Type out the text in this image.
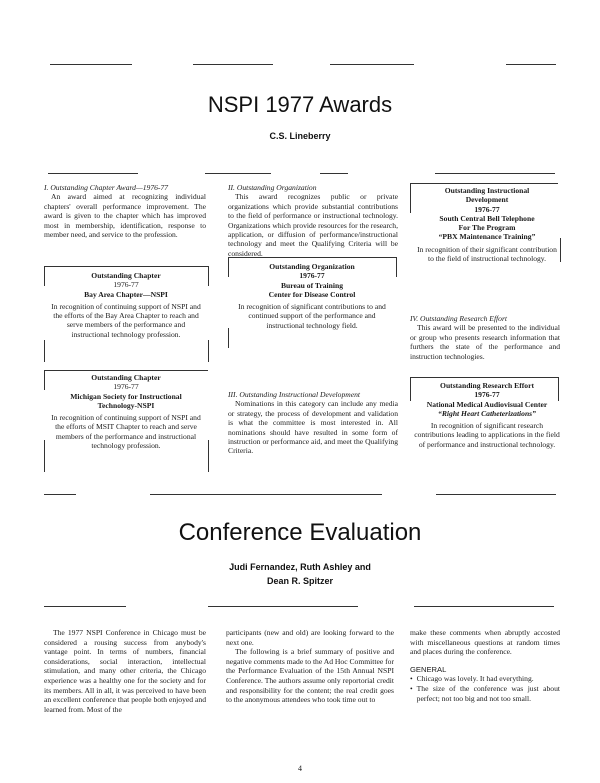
NSPI 1977 Awards
C.S. Lineberry
I. Outstanding Chapter Award—1976-77

An award aimed at recognizing individual chapters' overall performance improvement. The award is given to the chapter which has improved most in membership, identification, response to member need, and service to the profession.

Outstanding Chapter
1976-77
Bay Area Chapter—NSPI
In recognition of continuing support of NSPI and the efforts of the Bay Area Chapter to reach and serve members of the performance and instructional technology profession.
Outstanding Chapter
1976-77
Michigan Society for Instructional Technology-NSPI
In recognition of continuing support of NSPI and the efforts of MSIT Chapter to reach and serve members of the performance and instructional technology profession.
II. Outstanding Organization

This award recognizes public or private organizations which provide substantial contributions to the field of performance or instructional technology. Organizations which provide resources for the research, application, or diffusion of performance/instructional technology and meet the Qualifying Criteria will be considered.

Outstanding Organization
1976-77
Bureau of Training
Center for Disease Control
In recognition of significant contributions to and continued support of the performance and instructional technology field.
III. Outstanding Instructional Development

Nominations in this category can include any media or strategy, the process of development and validation is what the committee is most interested in. All nominations should have resulted in some form of instruction or performance aid, and meet the Qualifying Criteria.

Outstanding Instructional
Development
1976-77
South Central Bell Telephone
For The Program
“PBX Maintenance Training”
In recognition of their significant contribution to the field of instructional technology.
IV. Outstanding Research Effort

This award will be presented to the individual or group who presents research information that furthers the state of the performance and instruction technologies.

Outstanding Research Effort
1976-77
National Medical Audiovisual Center
“Right Heart Catheterizations”
In recognition of significant research contributions leading to applications in the field of performance and instructional technology.
Conference Evaluation
Judi Fernandez, Ruth Ashley and
Dean R. Spitzer

The 1977 NSPI Conference in Chicago must be considered a rousing success from anybody's vantage point. In terms of numbers, financial considerations, social interaction, intellectual stimulation, and many other criteria, the Chicago experience was a healthy one for the society and for its members. All in all, it was perceived to have been an excellent conference that people both enjoyed and learned from. Most of the

participants (new and old) are looking forward to the next one.

The following is a brief summary of positive and negative comments made to the Ad Hoc Committee for the Performance Evaluation of the 15th Annual NSPI Conference. The authors assume only reportorial credit and responsibility for the content; the real credit goes to the anonymous attendees who took time out to

make these comments when abruptly accosted with miscellaneous questions at random times and places during the conference.

GENERAL
• Chicago was lovely. It had everything.
• The size of the conference was just about perfect; not too big and not too small.
4
